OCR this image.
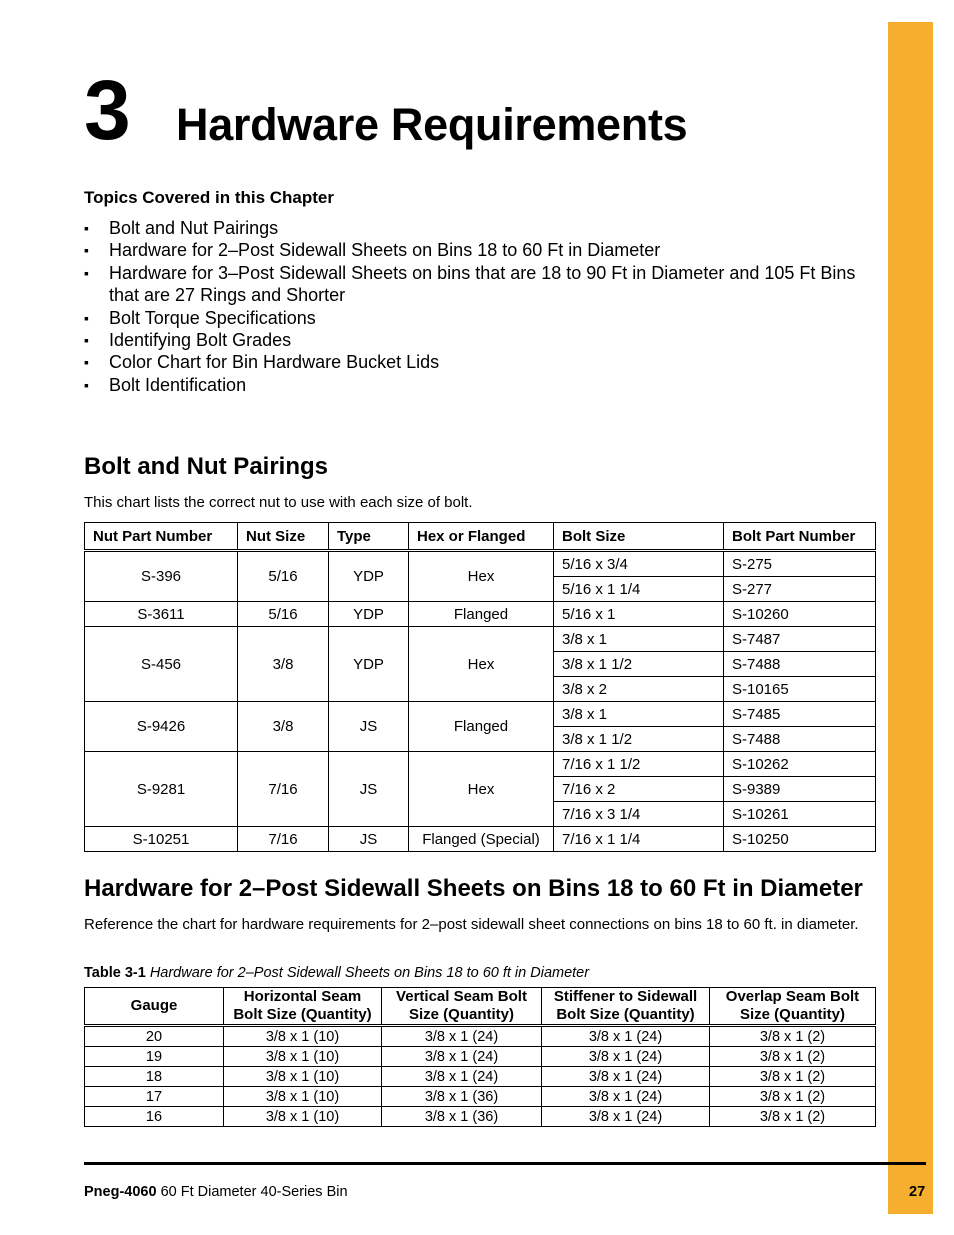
3 Hardware Requirements
Topics Covered in this Chapter
▪ Bolt and Nut Pairings
▪ Hardware for 2–Post Sidewall Sheets on Bins 18 to 60 Ft in Diameter
▪ Hardware for 3–Post Sidewall Sheets on bins that are 18 to 90 Ft in Diameter and 105 Ft Bins that are 27 Rings and Shorter
▪ Bolt Torque Specifications
▪ Identifying Bolt Grades
▪ Color Chart for Bin Hardware Bucket Lids
▪ Bolt Identification
Bolt and Nut Pairings
This chart lists the correct nut to use with each size of bolt.
Nut Part Number	Nut Size	Type	Hex or Flanged	Bolt Size	Bolt Part Number
S-396	5/16	YDP	Hex	5/16 x 3/4	S-275
				5/16 x 1 1/4	S-277
S-3611	5/16	YDP	Flanged	5/16 x 1	S-10260
S-456	3/8	YDP	Hex	3/8 x 1	S-7487
				3/8 x 1 1/2	S-7488
				3/8 x 2	S-10165
S-9426	3/8	JS	Flanged	3/8 x 1	S-7485
				3/8 x 1 1/2	S-7488
S-9281	7/16	JS	Hex	7/16 x 1 1/2	S-10262
				7/16 x 2	S-9389
				7/16 x 3 1/4	S-10261
S-10251	7/16	JS	Flanged (Special)	7/16 x 1 1/4	S-10250
Hardware for 2–Post Sidewall Sheets on Bins 18 to 60 Ft in Diameter
Reference the chart for hardware requirements for 2–post sidewall sheet connections on bins 18 to 60 ft. in diameter.
Table 3-1 Hardware for 2–Post Sidewall Sheets on Bins 18 to 60 ft in Diameter
Gauge	Horizontal Seam Bolt Size (Quantity)	Vertical Seam Bolt Size (Quantity)	Stiffener to Sidewall Bolt Size (Quantity)	Overlap Seam Bolt Size (Quantity)
20	3/8 x 1 (10)	3/8 x 1 (24)	3/8 x 1 (24)	3/8 x 1 (2)
19	3/8 x 1 (10)	3/8 x 1 (24)	3/8 x 1 (24)	3/8 x 1 (2)
18	3/8 x 1 (10)	3/8 x 1 (24)	3/8 x 1 (24)	3/8 x 1 (2)
17	3/8 x 1 (10)	3/8 x 1 (36)	3/8 x 1 (24)	3/8 x 1 (2)
16	3/8 x 1 (10)	3/8 x 1 (36)	3/8 x 1 (24)	3/8 x 1 (2)
Pneg-4060 60 Ft Diameter 40-Series Bin	27
